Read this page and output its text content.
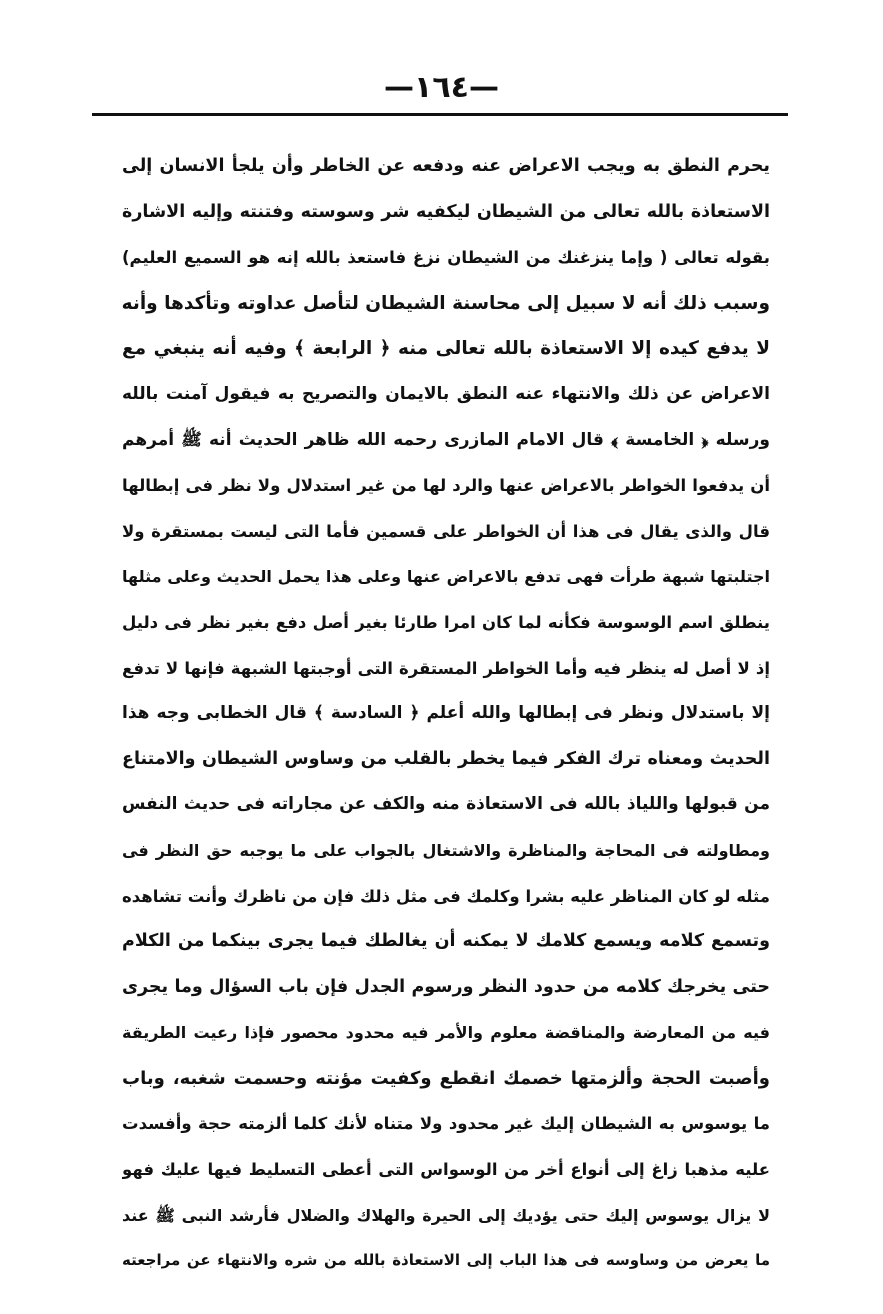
—١٦٤—
يحرم النطق به ويجب الاعراض عنه ودفعه عن الخاطر وأن يلجأ الانسان إلى
الاستعاذة بالله تعالى من الشيطان ليكفيه شر وسوسته وفتنته وإليه الاشارة
بقوله تعالى ( وإما ينزغنك من الشيطان نزغ فاستعذ بالله إنه هو السميع العليم)
وسبب ذلك أنه لا سبيل إلى محاسنة الشيطان لتأصل عداوته وتأكدها وأنه
لا يدفع كيده إلا الاستعاذة بالله تعالى منه ﴿ الرابعة ﴾ وفيه أنه ينبغي مع
الاعراض عن ذلك والانتهاء عنه النطق بالايمان والتصريح به فيقول آمنت بالله
ورسله ﴿ الخامسة ﴾ قال الامام المازرى رحمه الله ظاهر الحديث أنه ﷺ أمرهم
أن يدفعوا الخواطر بالاعراض عنها والرد لها من غير استدلال ولا نظر فى إبطالها
قال والذى يقال فى هذا أن الخواطر على قسمين فأما التى ليست بمستقرة ولا
اجتلبتها شبهة طرأت فهى تدفع بالاعراض عنها وعلى هذا يحمل الحديث وعلى مثلها
ينطلق اسم الوسوسة فكأنه لما كان امرا طارئا بغير أصل دفع بغير نظر فى دليل
إذ لا أصل له ينظر فيه وأما الخواطر المستقرة التى أوجبتها الشبهة فإنها لا تدفع
إلا باستدلال ونظر فى إبطالها والله أعلم ﴿ السادسة ﴾ قال الخطابى وجه هذا
الحديث ومعناه ترك الفكر فيما يخطر بالقلب من وساوس الشيطان والامتناع
من قبولها واللياذ بالله فى الاستعاذة منه والكف عن مجاراته فى حديث النفس
ومطاولته فى المحاجة والمناظرة والاشتغال بالجواب على ما يوجبه حق النظر فى
مثله لو كان المناظر عليه بشرا وكلمك فى مثل ذلك فإن من ناظرك وأنت تشاهده
وتسمع كلامه ويسمع كلامك لا يمكنه أن يغالطك فيما يجرى بينكما من الكلام
حتى يخرجك كلامه من حدود النظر ورسوم الجدل فإن باب السؤال وما يجرى
فيه من المعارضة والمناقضة معلوم والأمر فيه محدود محصور فإذا رعيت الطريقة
وأصبت الحجة وألزمتها خصمك انقطع وكفيت مؤنته وحسمت شغبه، وباب
ما يوسوس به الشيطان إليك غير محدود ولا متناه لأنك كلما ألزمته حجة وأفسدت
عليه مذهبا زاغ إلى أنواع أخر من الوسواس التى أعطى التسليط فيها عليك فهو
لا يزال يوسوس إليك حتى يؤديك إلى الحيرة والهلاك والضلال فأرشد النبى ﷺ عند
ما يعرض من وساوسه فى هذا الباب إلى الاستعاذة بالله من شره والانتهاء عن مراجعته
